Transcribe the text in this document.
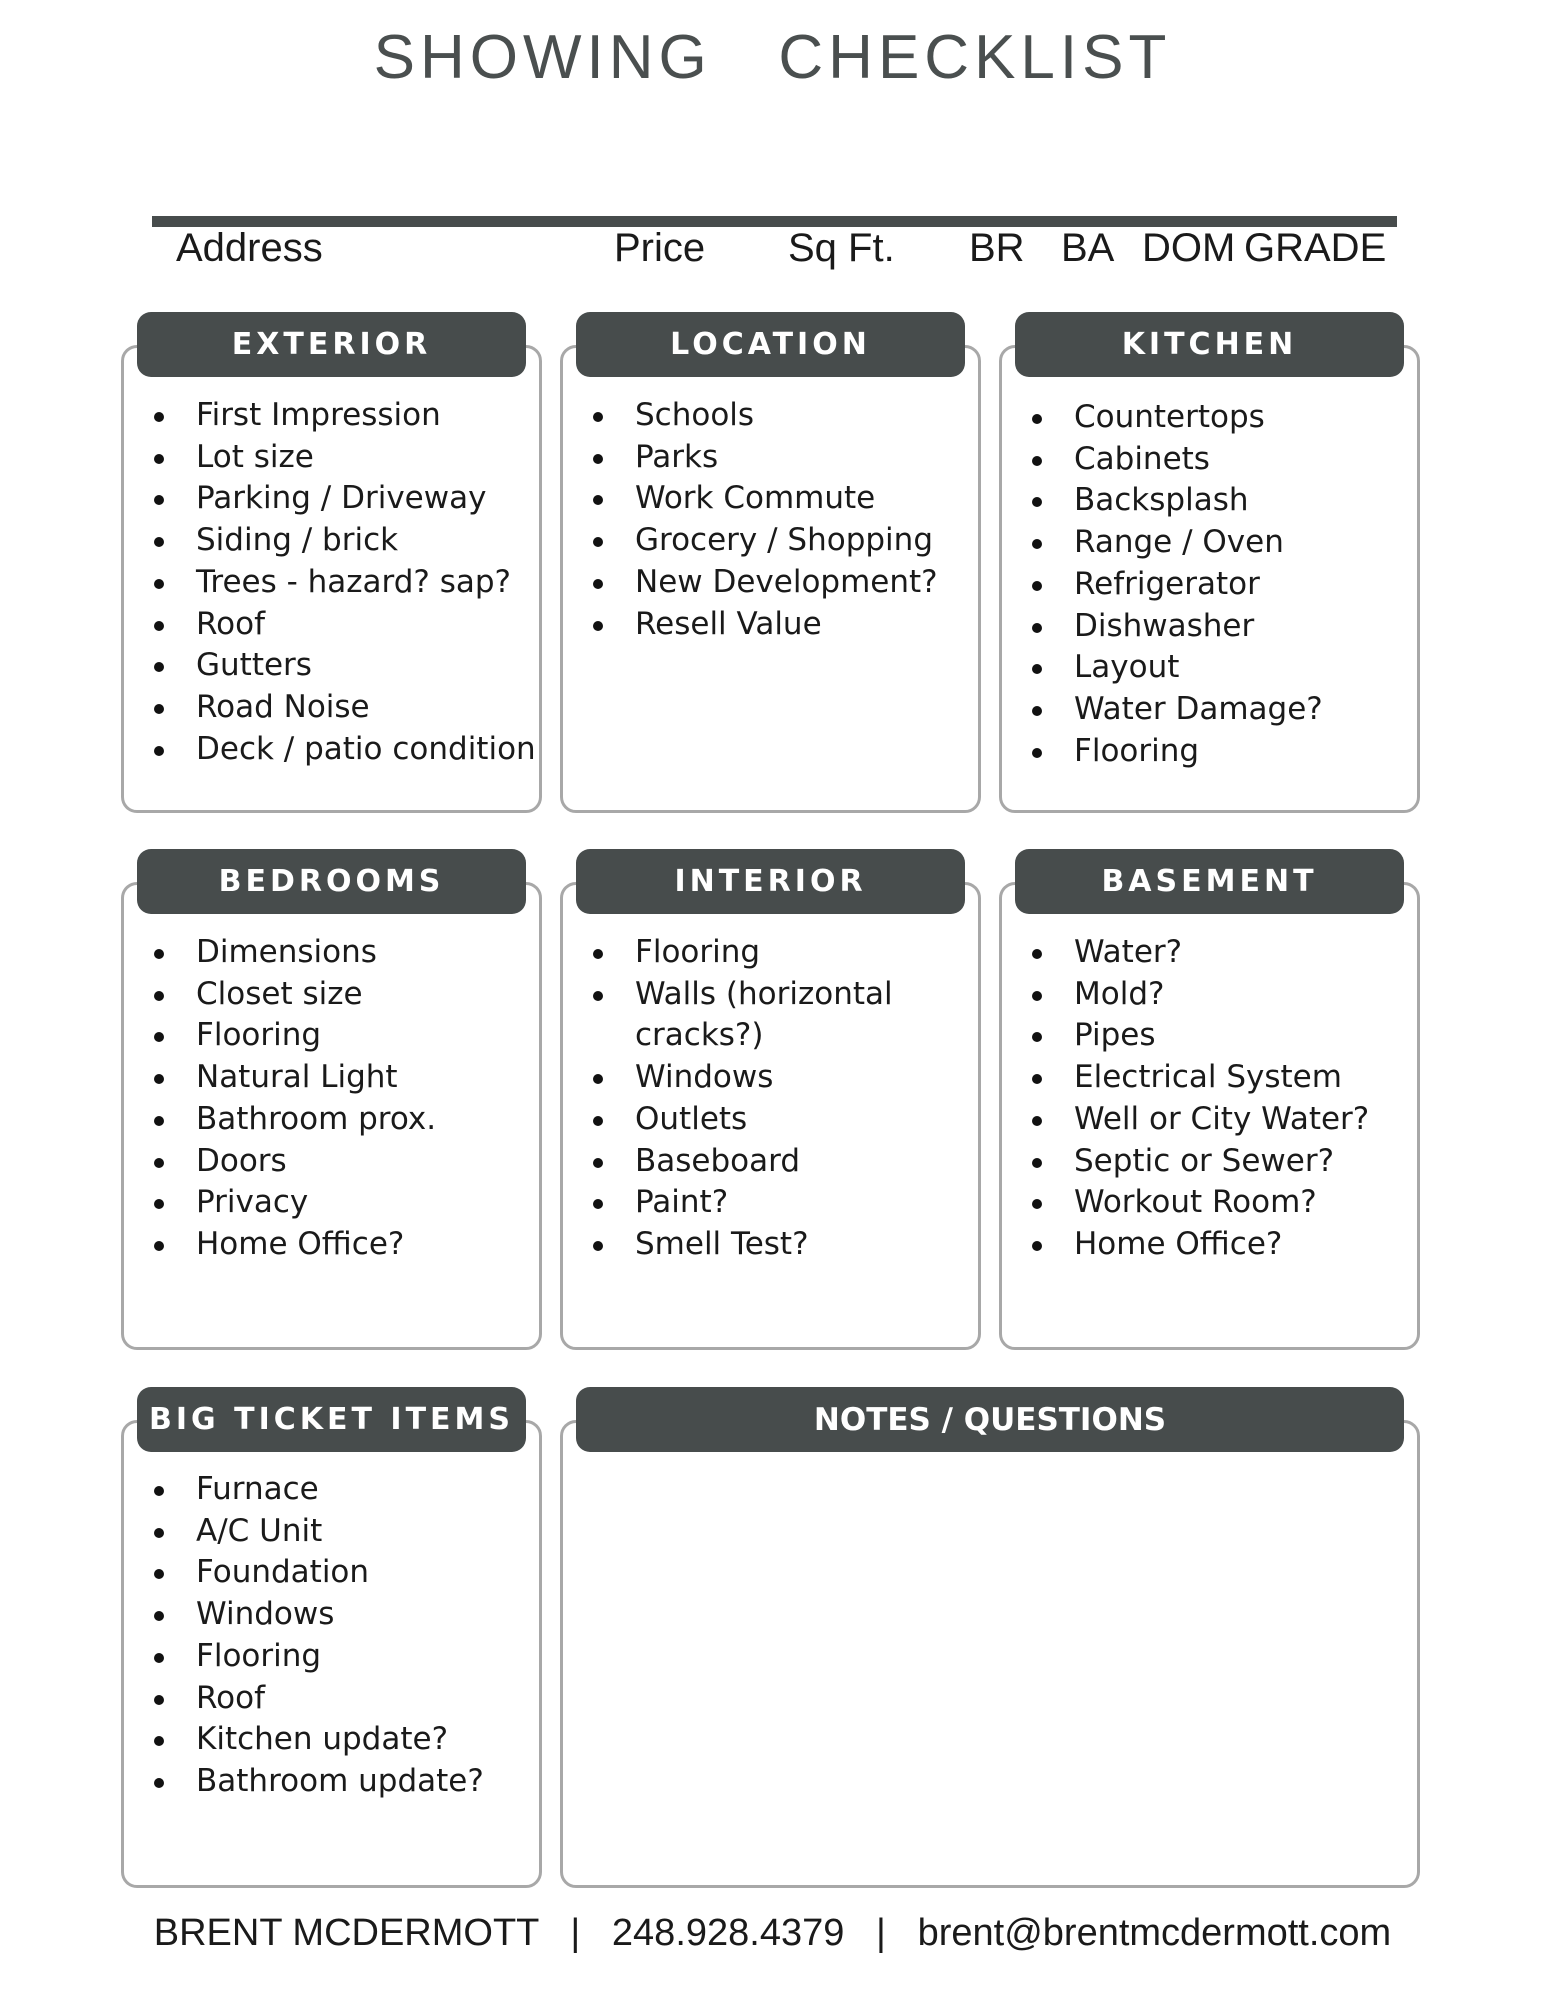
SHOWING   CHECKLIST
Address	Price Sq Ft. BR BA DOM GRADE
EXTERIOR
First Impression
Lot size
Parking / Driveway
Siding / brick
Trees - hazard? sap?
Roof
Gutters
Road Noise
Deck / patio condition
LOCATION
Schools
Parks
Work Commute
Grocery / Shopping
New Development?
Resell Value
KITCHEN
Countertops
Cabinets
Backsplash
Range / Oven
Refrigerator
Dishwasher
Layout
Water Damage?
Flooring
BEDROOMS
Dimensions
Closet size
Flooring
Natural Light
Bathroom prox.
Doors
Privacy
Home Office?
INTERIOR
Flooring
Walls (horizontal
cracks?)
Windows
Outlets
Baseboard
Paint?
Smell Test?
BASEMENT
Water?
Mold?
Pipes
Electrical System
Well or City Water?
Septic or Sewer?
Workout Room?
Home Office?
BIG TICKET ITEMS
Furnace
A/C Unit
Foundation
Windows
Flooring
Roof
Kitchen update?
Bathroom update?
NOTES / QUESTIONS
BRENT MCDERMOTT   |   248.928.4379   |   brent@brentmcdermott.com
